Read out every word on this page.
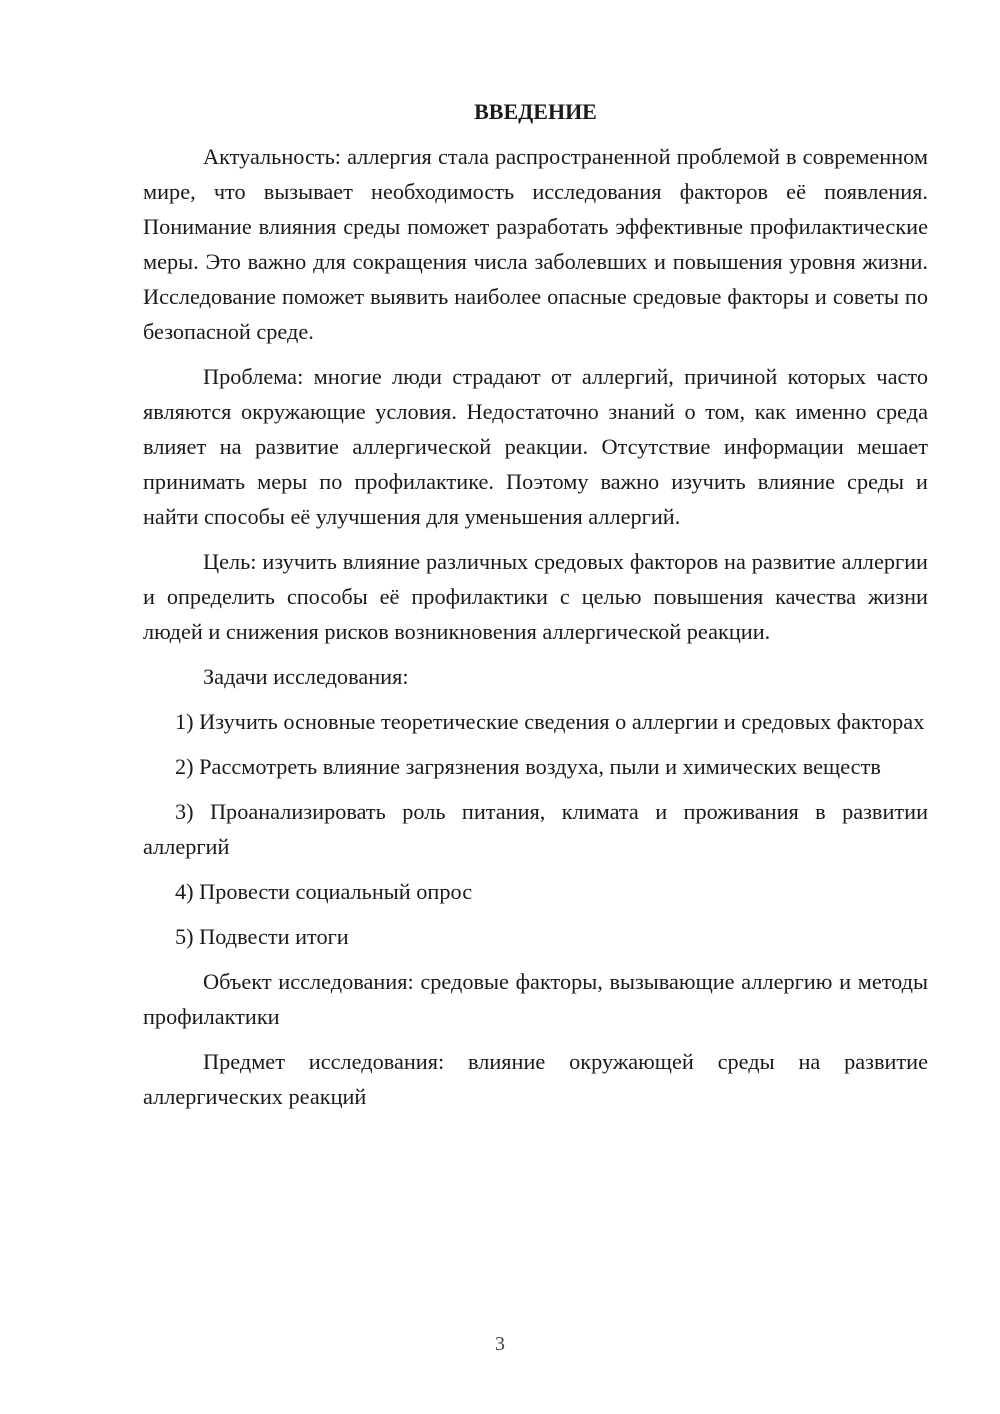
ВВЕДЕНИЕ

Актуальность: аллергия стала распространенной проблемой в современном мире, что вызывает необходимость исследования факторов её появления. Понимание влияния среды поможет разработать эффективные профилактические меры. Это важно для сокращения числа заболевших и повышения уровня жизни. Исследование поможет выявить наиболее опасные средовые факторы и советы по безопасной среде.

Проблема: многие люди страдают от аллергий, причиной которых часто являются окружающие условия. Недостаточно знаний о том, как именно среда влияет на развитие аллергической реакции. Отсутствие информации мешает принимать меры по профилактике. Поэтому важно изучить влияние среды и найти способы её улучшения для уменьшения аллергий.

Цель: изучить влияние различных средовых факторов на развитие аллергии и определить способы её профилактики с целью повышения качества жизни людей и снижения рисков возникновения аллергической реакции.

Задачи исследования:

1) Изучить основные теоретические сведения о аллергии и средовых факторах

2) Рассмотреть влияние загрязнения воздуха, пыли и химических веществ

3) Проанализировать роль питания, климата и проживания в развитии аллергий

4) Провести социальный опрос

5) Подвести итоги

Объект исследования: средовые факторы, вызывающие аллергию и методы профилактики

Предмет исследования: влияние окружающей среды на развитие аллергических реакций

3
